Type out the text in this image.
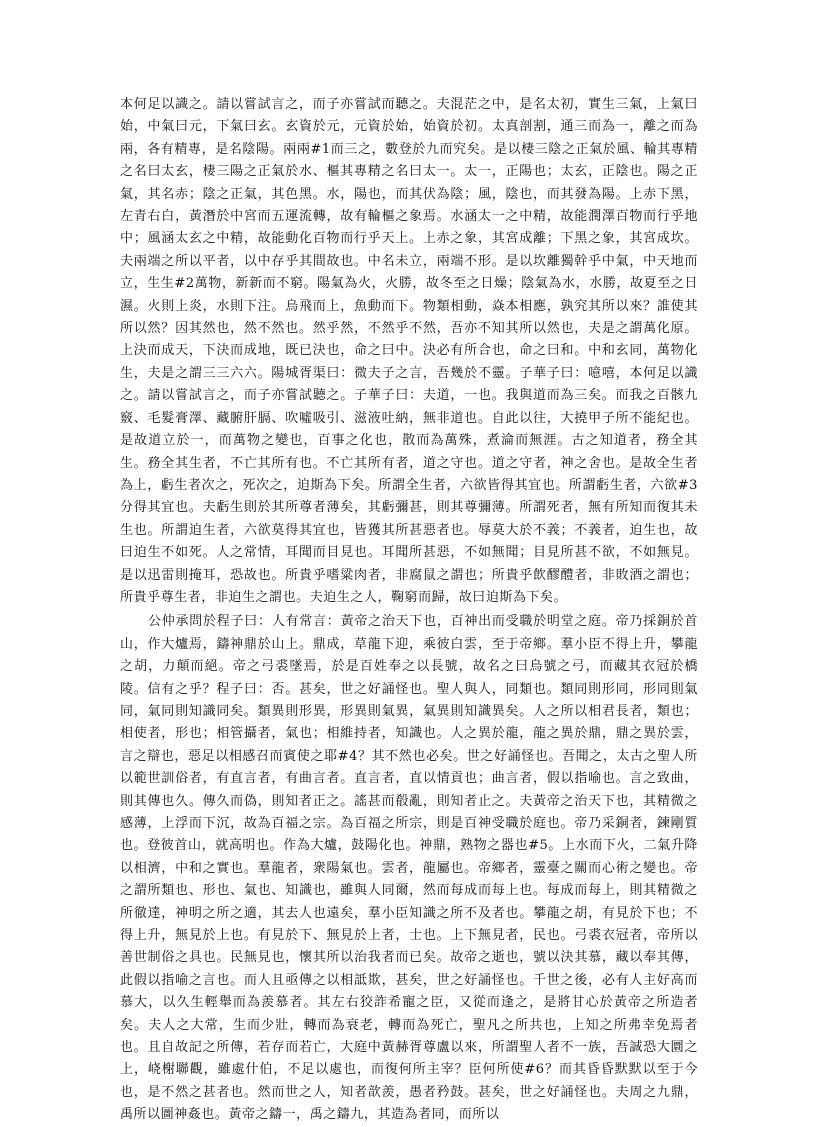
本何足以識之。請以嘗試言之，而子亦嘗試而聽之。夫混茫之中，是名太初，實生三氣，上氣曰始，中氣曰元，下氣曰玄。玄資於元，元資於始，始資於初。太真剖割，通三而為一，離之而為兩，各有精專，是名陰陽。兩兩#1而三之，數登於九而究矣。是以棲三陰之正氣於風、輪其專精之名曰太玄，棲三陽之正氣於水、樞其專精之名曰太一。太一，正陽也；太玄，正陰也。陽之正氣，其名赤；陰之正氣，其色黑。水，陽也，而其伏為陰；風，陰也，而其發為陽。上赤下黑，左青右白，黃潛於中宮而五運流轉，故有輪樞之象焉。水涵太一之中精，故能潤澤百物而行乎地中；風涵太玄之中精，故能動化百物而行乎天上。上赤之象，其宮成離；下黑之象，其宮成坎。夫兩端之所以平者，以中存乎其間故也。中名未立，兩端不形。是以坎離獨幹乎中氣，中天地而立，生生#2萬物，新新而不窮。陽氣為火，火勝，故冬至之日燥；陰氣為水，水勝，故夏至之日濕。火則上炎，水則下注。烏飛而上，魚動而下。物類相動，焱本相應，孰究其所以來？誰使其所以然？因其然也，然不然也。然乎然，不然乎不然，吾亦不知其所以然也，夫是之謂萬化原。上決而成天，下決而成地，既已決也，命之曰中。決必有所合也，命之曰和。中和玄同，萬物化生，夫是之謂三三六六。陽城胥渠曰：微夫子之言，吾幾於不靈。子華子曰：噫嘻，本何足以識之。請以嘗試言之，而子亦嘗試聽之。子華子曰：夫道，一也。我與道而為三矣。而我之百骸九竅、毛髮膏澤、藏腑肝膈、吹噓吸引、滋液吐納，無非道也。自此以往，大撓甲子所不能紀也。是故道立於一，而萬物之變也，百事之化也，散而為萬殊，煮淪而無涯。古之知道者，務全其生。務全其生者，不亡其所有也。不亡其所有者，道之守也。道之守者，神之舍也。是故全生者為上，虧生者次之，死次之，迫斯為下矣。所謂全生者，六欲皆得其宜也。所謂虧生者，六欲#3分得其宜也。夫虧生則於其所尊者薄矣，其虧彌甚，則其尊彌薄。所謂死者，無有所知而復其未生也。所謂迫生者，六欲莫得其宜也，皆獲其所甚惡者也。辱莫大於不義；不義者，迫生也，故曰迫生不如死。人之常情，耳聞而目見也。耳聞所甚惡，不如無聞；目見所甚不欲，不如無見。是以迅雷則掩耳，恐故也。所貴乎嗜粱肉者，非腐鼠之謂也；所貴乎飲醪醴者，非敗酒之謂也；所貴乎尊生者，非迫生之謂也。夫迫生之人，鞠窮而歸，故曰迫斯為下矣。

公仲承問於程子曰：人有常言：黃帝之治天下也，百神出而受職於明堂之庭。帝乃採銅於首山，作大爐焉，鑄神鼎於山上。鼎成，草龍下迎，乘彼白雲，至于帝鄉。羣小臣不得上升，攀龍之胡，力顛而絕。帝之弓裘墜焉，於是百姓奉之以長號，故名之曰烏號之弓，而藏其衣冠於橋陵。信有之乎？程子曰：否。甚矣，世之好誦怪也。聖人與人，同類也。類同則形同，形同則氣同，氣同則知識同矣。類異則形異，形異則氣異，氣異則知識異矣。人之所以相君長者，類也；相使者，形也；相管攝者，氣也；相維持者，知識也。人之異於龍，龍之異於鼎，鼎之異於雲，言之辯也，惡足以相感召而賓使之耶#4？其不然也必矣。世之好誦怪也。吾聞之，太古之聖人所以範世訓俗者，有直言者，有曲言者。直言者，直以情貢也；曲言者，假以指喻也。言之致曲，則其傳也久。傳久而偽，則知者正之。謠甚而殽亂，則知者止之。夫黃帝之治天下也，其精微之感薄，上浮而下沉，故為百福之宗。為百福之所宗，則是百神受職於庭也。帝乃采銅者，鍊剛質也。登彼首山，就高明也。作為大爐，鼓陽化也。神鼎，熟物之器也#5。上水而下火，二氣升降以相濟，中和之實也。羣龍者，衆陽氣也。雲者，龍屬也。帝鄉者，靈臺之關而心術之變也。帝之謂所類也、形也、氣也、知識也，雖與人同爾，然而每成而每上也。每成而每上，則其精微之所徹達，神明之所之適，其去人也遠矣，羣小臣知識之所不及者也。攀龍之胡，有見於下也；不得上升，無見於上也。有見於下、無見於上者，士也。上下無見者，民也。弓裘衣冠者，帝所以善世制俗之具也。民無見也，懷其所以治我者而已矣。故帝之逝也，號以決其慕，藏以奉其傳，此假以指喻之言也。而人且亟傳之以相詆欺，甚矣，世之好誦怪也。千世之後，必有人主好高而慕大，以久生輕舉而為羨慕者。其左右狡詐希寵之臣，又從而逢之，是將甘心於黃帝之所造者矣。夫人之大常，生而少壯，轉而為衰老，轉而為死亡，聖凡之所共也，上知之所弗幸免焉者也。且自故記之所傳，若存而若亡，大庭中黃赫胥尊盧以來，所謂聖人者不一族，吾誠恐大圜之上，峣榭聯觀，雖處什伯，不足以處也，而復何所主宰？臣何所使#6？而其昏昏默默以至于今也，是不然之甚者也。然而世之人，知者歆羨，愚者矜鼓。甚矣，世之好誦怪也。夫周之九鼎，禹所以圖神姦也。黃帝之鑄一，禹之鑄九，其造為者同，而所以
